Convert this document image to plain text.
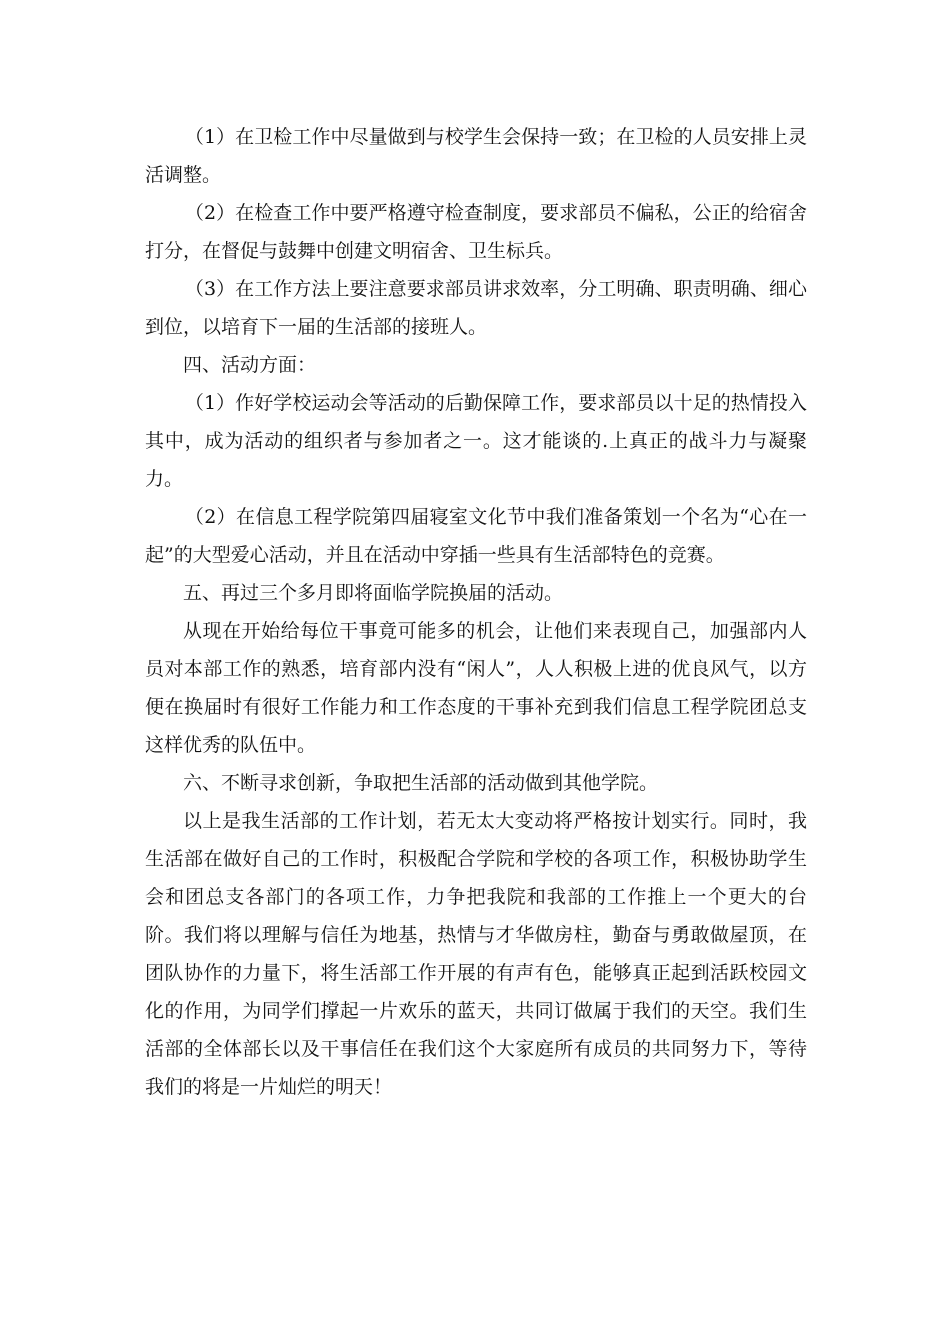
（1）在卫检工作中尽量做到与校学生会保持一致；在卫检的人员安排上灵活调整。

（2）在检查工作中要严格遵守检查制度，要求部员不偏私，公正的给宿舍打分，在督促与鼓舞中创建文明宿舍、卫生标兵。

（3）在工作方法上要注意要求部员讲求效率，分工明确、职责明确、细心到位，以培育下一届的生活部的接班人。

四、活动方面：

（1）作好学校运动会等活动的后勤保障工作，要求部员以十足的热情投入其中，成为活动的组织者与参加者之一。这才能谈的.上真正的战斗力与凝聚力。

（2）在信息工程学院第四届寝室文化节中我们准备策划一个名为“心在一起”的大型爱心活动，并且在活动中穿插一些具有生活部特色的竞赛。

五、再过三个多月即将面临学院换届的活动。

从现在开始给每位干事竟可能多的机会，让他们来表现自己，加强部内人员对本部工作的熟悉，培育部内没有“闲人”，人人积极上进的优良风气，以方便在换届时有很好工作能力和工作态度的干事补充到我们信息工程学院团总支这样优秀的队伍中。

六、不断寻求创新，争取把生活部的活动做到其他学院。

以上是我生活部的工作计划，若无太大变动将严格按计划实行。同时，我生活部在做好自己的工作时，积极配合学院和学校的各项工作，积极协助学生会和团总支各部门的各项工作，力争把我院和我部的工作推上一个更大的台阶。我们将以理解与信任为地基，热情与才华做房柱，勤奋与勇敢做屋顶，在团队协作的力量下，将生活部工作开展的有声有色，能够真正起到活跃校园文化的作用，为同学们撑起一片欢乐的蓝天，共同订做属于我们的天空。我们生活部的全体部长以及干事信任在我们这个大家庭所有成员的共同努力下，等待我们的将是一片灿烂的明天！
